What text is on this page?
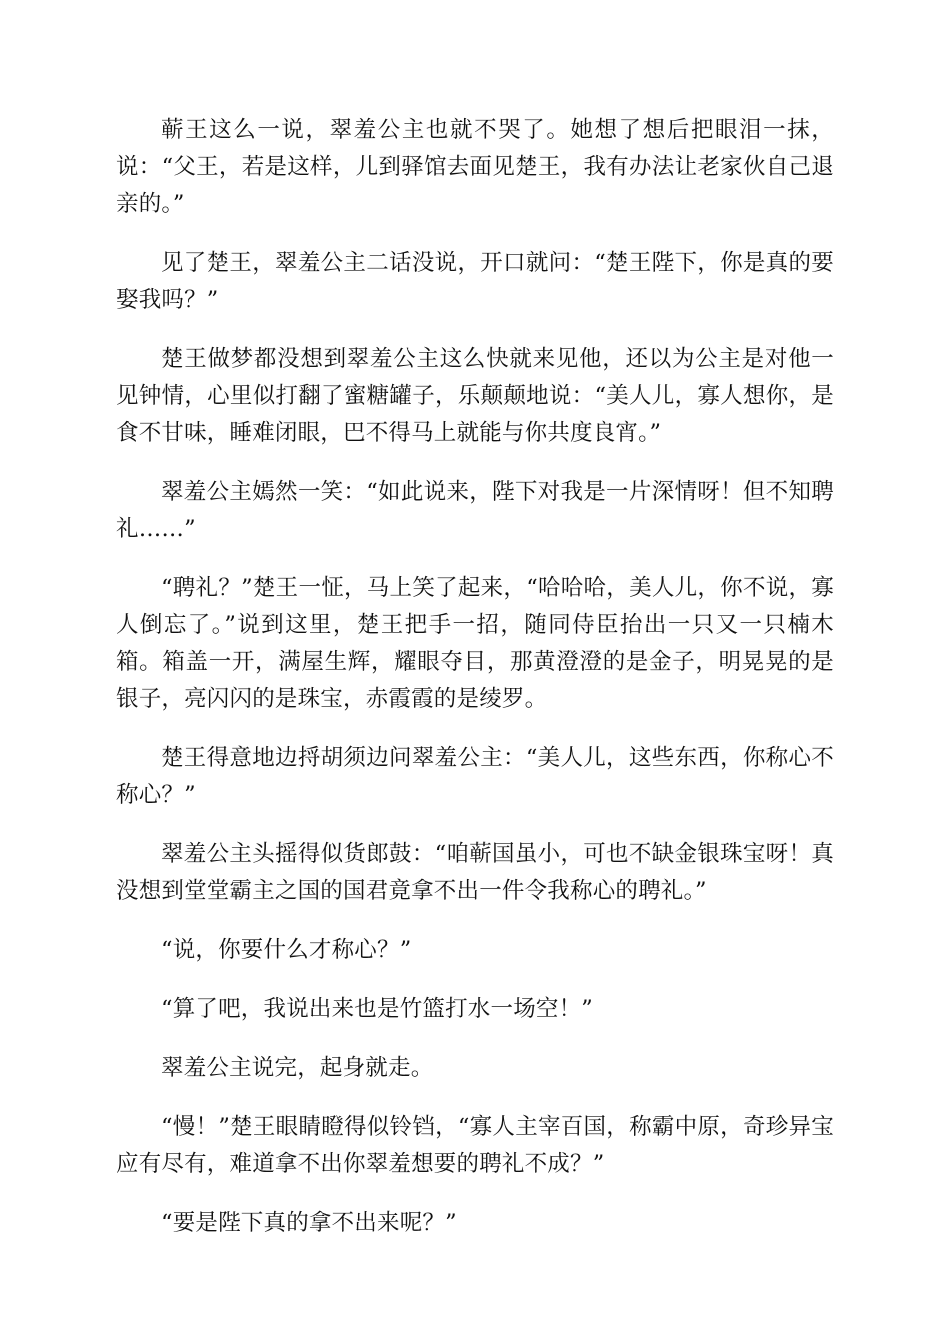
蕲王这么一说，翠羞公主也就不哭了。她想了想后把眼泪一抹，说：“父王，若是这样，儿到驿馆去面见楚王，我有办法让老家伙自己退亲的。”

见了楚王，翠羞公主二话没说，开口就问：“楚王陛下，你是真的要娶我吗？”

楚王做梦都没想到翠羞公主这么快就来见他，还以为公主是对他一见钟情，心里似打翻了蜜糖罐子，乐颠颠地说：“美人儿，寡人想你，是食不甘味，睡难闭眼，巴不得马上就能与你共度良宵。”

翠羞公主嫣然一笑：“如此说来，陛下对我是一片深情呀！但不知聘礼……”

“聘礼？”楚王一怔，马上笑了起来，“哈哈哈，美人儿，你不说，寡人倒忘了。”说到这里，楚王把手一招，随同侍臣抬出一只又一只楠木箱。箱盖一开，满屋生辉，耀眼夺目，那黄澄澄的是金子，明晃晃的是银子，亮闪闪的是珠宝，赤霞霞的是绫罗。

楚王得意地边捋胡须边问翠羞公主：“美人儿，这些东西，你称心不称心？”

翠羞公主头摇得似货郎鼓：“咱蕲国虽小，可也不缺金银珠宝呀！真没想到堂堂霸主之国的国君竟拿不出一件令我称心的聘礼。”

“说，你要什么才称心？”

“算了吧，我说出来也是竹篮打水一场空！”

翠羞公主说完，起身就走。

“慢！”楚王眼睛瞪得似铃铛，“寡人主宰百国，称霸中原，奇珍异宝应有尽有，难道拿不出你翠羞想要的聘礼不成？”

“要是陛下真的拿不出来呢？”
